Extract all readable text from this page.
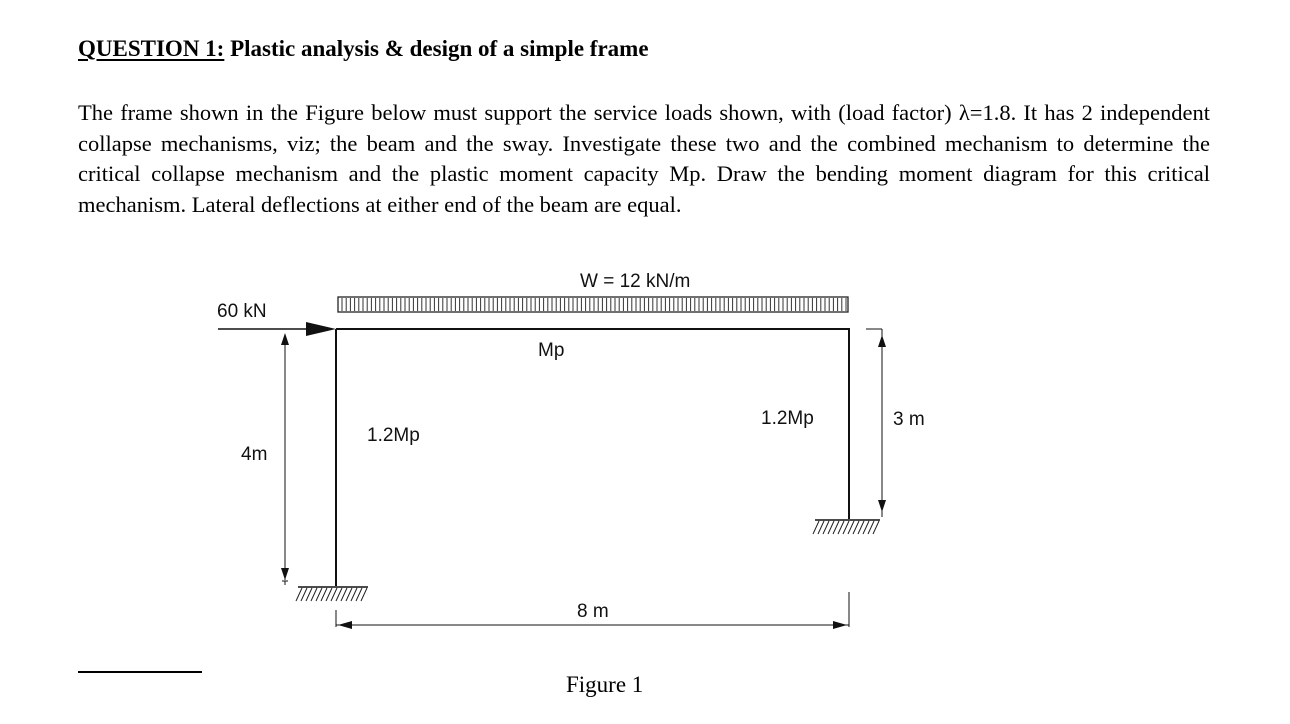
QUESTION 1: Plastic analysis & design of a simple frame
The frame shown in the Figure below must support the service loads shown, with (load factor) λ=1.8. It has 2 independent collapse mechanisms, viz; the beam and the sway. Investigate these two and the combined mechanism to determine the critical collapse mechanism and the plastic moment capacity Mp. Draw the bending moment diagram for this critical mechanism. Lateral deflections at either end of the beam are equal.
W = 12 kN/m
60 kN
Mp
1.2Mp
1.2Mp
4m
3 m
8 m
Figure 1
